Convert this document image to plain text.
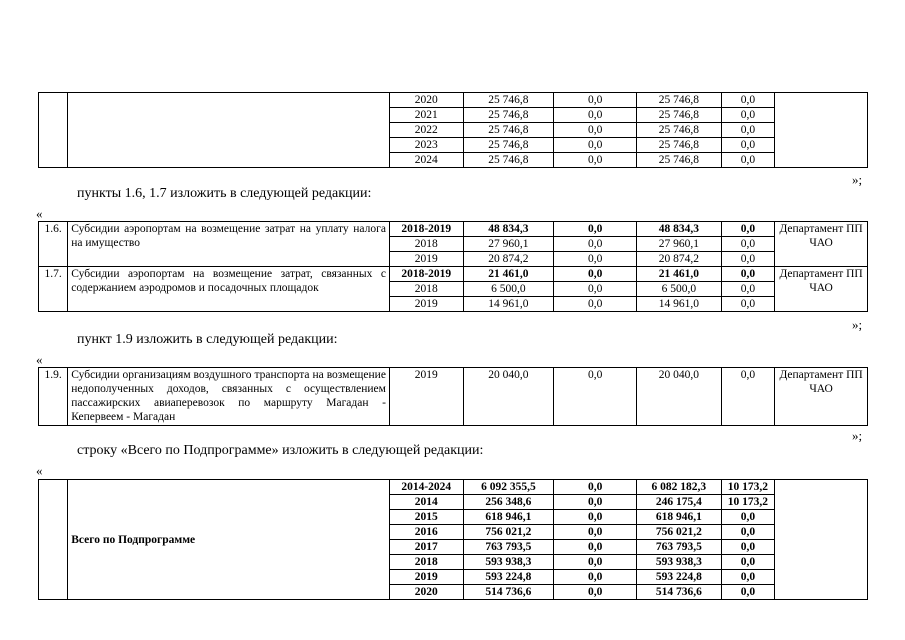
		2020	25 746,8	0,0	25 746,8	0,0	
		2021	25 746,8	0,0	25 746,8	0,0	
		2022	25 746,8	0,0	25 746,8	0,0	
		2023	25 746,8	0,0	25 746,8	0,0	
		2024	25 746,8	0,0	25 746,8	0,0	
»;
пункты 1.6, 1.7 изложить в следующей редакции:
«
1.6.	Субсидии аэропортам на возмещение затрат на уплату налога на имущество	2018-2019	48 834,3	0,0	48 834,3	0,0	Департамент ПП ЧАО
		2018	27 960,1	0,0	27 960,1	0,0	
		2019	20 874,2	0,0	20 874,2	0,0	
1.7.	Субсидии аэропортам на возмещение затрат, связанных с содержанием аэродромов и посадочных площадок	2018-2019	21 461,0	0,0	21 461,0	0,0	Департамент ПП ЧАО
		2018	6 500,0	0,0	6 500,0	0,0	
		2019	14 961,0	0,0	14 961,0	0,0	
»;
пункт 1.9 изложить в следующей редакции:
«
1.9.	Субсидии организациям воздушного транспорта на возмещение недополученных доходов, связанных с осуществлением пассажирских авиаперевозок по маршруту Магадан - Кепервеем - Магадан	2019	20 040,0	0,0	20 040,0	0,0	Департамент ПП ЧАО
»;
строку «Всего по Подпрограмме» изложить в следующей редакции:
«
	Всего по Подпрограмме	2014-2024	6 092 355,5	0,0	6 082 182,3	10 173,2	
		2014	256 348,6	0,0	246 175,4	10 173,2	
		2015	618 946,1	0,0	618 946,1	0,0	
		2016	756 021,2	0,0	756 021,2	0,0	
		2017	763 793,5	0,0	763 793,5	0,0	
		2018	593 938,3	0,0	593 938,3	0,0	
		2019	593 224,8	0,0	593 224,8	0,0	
		2020	514 736,6	0,0	514 736,6	0,0	
